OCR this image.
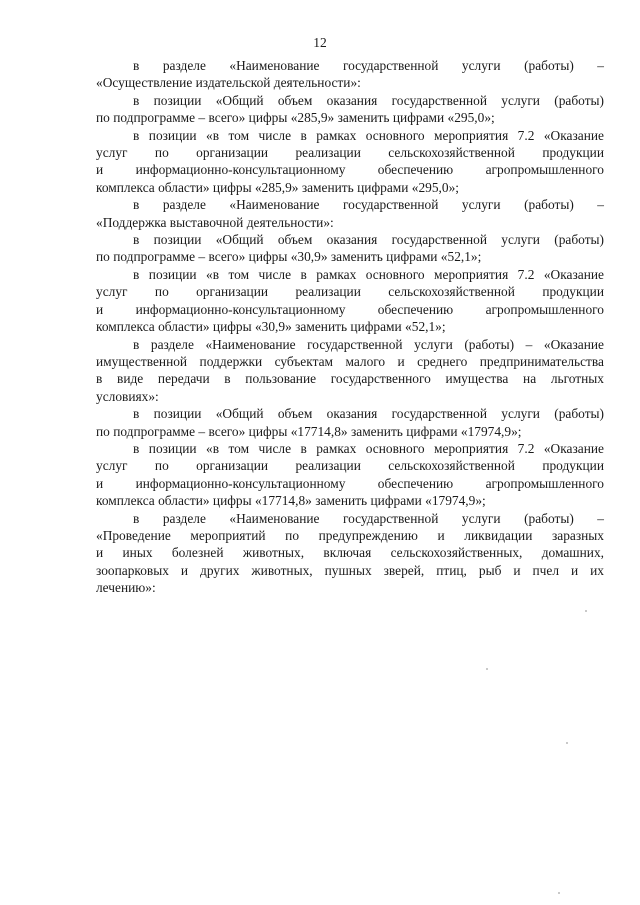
12
в разделе «Наименование государственной услуги (работы) –
«Осуществление издательской деятельности»:
в позиции «Общий объем оказания государственной услуги (работы)
по подпрограмме – всего» цифры «285,9» заменить цифрами «295,0»;
в позиции «в том числе в рамках основного мероприятия 7.2 «Оказание
услуг по организации реализации сельскохозяйственной продукции
и информационно-консультационному обеспечению агропромышленного
комплекса области» цифры «285,9» заменить цифрами «295,0»;
в разделе «Наименование государственной услуги (работы) –
«Поддержка выставочной деятельности»:
в позиции «Общий объем оказания государственной услуги (работы)
по подпрограмме – всего» цифры «30,9» заменить цифрами «52,1»;
в позиции «в том числе в рамках основного мероприятия 7.2 «Оказание
услуг по организации реализации сельскохозяйственной продукции
и информационно-консультационному обеспечению агропромышленного
комплекса области» цифры «30,9» заменить цифрами «52,1»;
в разделе «Наименование государственной услуги (работы) – «Оказание
имущественной поддержки субъектам малого и среднего предпринимательства
в виде передачи в пользование государственного имущества на льготных
условиях»:
в позиции «Общий объем оказания государственной услуги (работы)
по подпрограмме – всего» цифры «17714,8» заменить цифрами «17974,9»;
в позиции «в том числе в рамках основного мероприятия 7.2 «Оказание
услуг по организации реализации сельскохозяйственной продукции
и информационно-консультационному обеспечению агропромышленного
комплекса области» цифры «17714,8» заменить цифрами «17974,9»;
в разделе «Наименование государственной услуги (работы) –
«Проведение мероприятий по предупреждению и ликвидации заразных
и иных болезней животных, включая сельскохозяйственных, домашних,
зоопарковых и других животных, пушных зверей, птиц, рыб и пчел и их
лечению»:
